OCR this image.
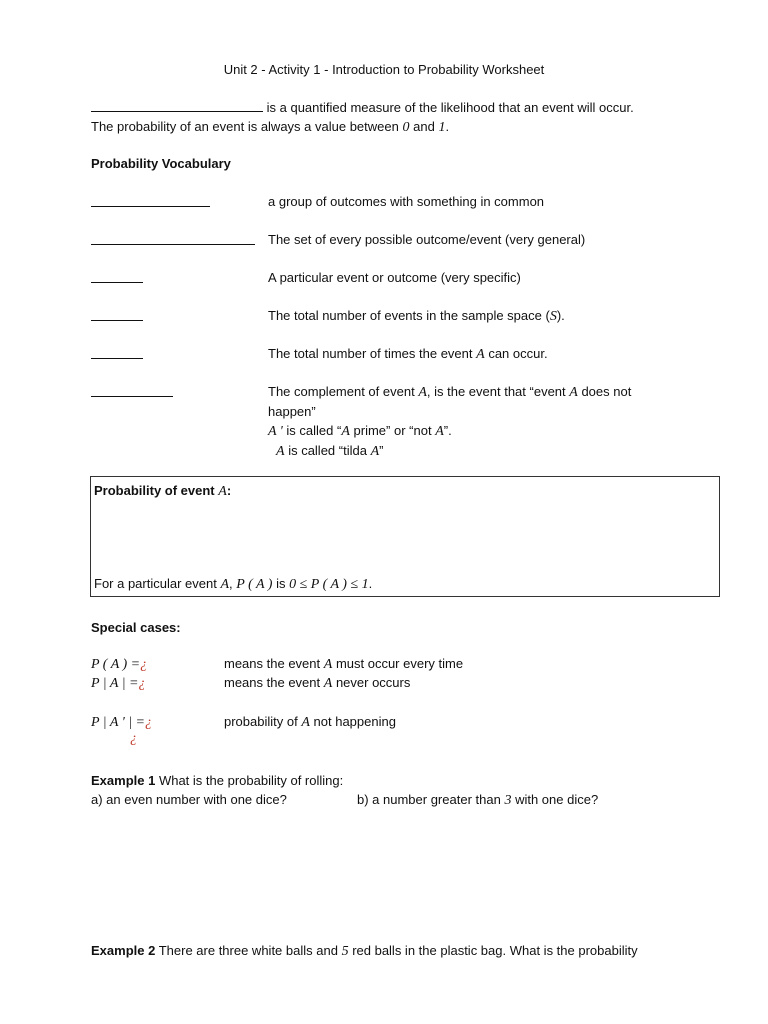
Unit 2 - Activity 1 - Introduction to Probability Worksheet
is a quantified measure of the likelihood that an event will occur.
The probability of an event is always a value between 0 and 1.
Probability Vocabulary
a group of outcomes with something in common
The set of every possible outcome/event (very general)
A particular event or outcome (very specific)
The total number of events in the sample space (S).
The total number of times the event A can occur.
The complement of event A, is the event that “event A does not
happen”
A ' is called “A prime” or “not A”.
A is called “tilda A”
Probability of event A:
For a particular event A, P ( A ) is 0 ≤ P ( A ) ≤ 1.
Special cases:
P ( A ) =¿	means the event A must occur every time
P | A | =¿	means the event A never occurs
P | A ' | =¿	probability of A not happening
¿
Example 1 What is the probability of rolling:
a) an even number with one dice?	b) a number greater than 3 with one dice?
Example 2 There are three white balls and 5 red balls in the plastic bag. What is the probability
